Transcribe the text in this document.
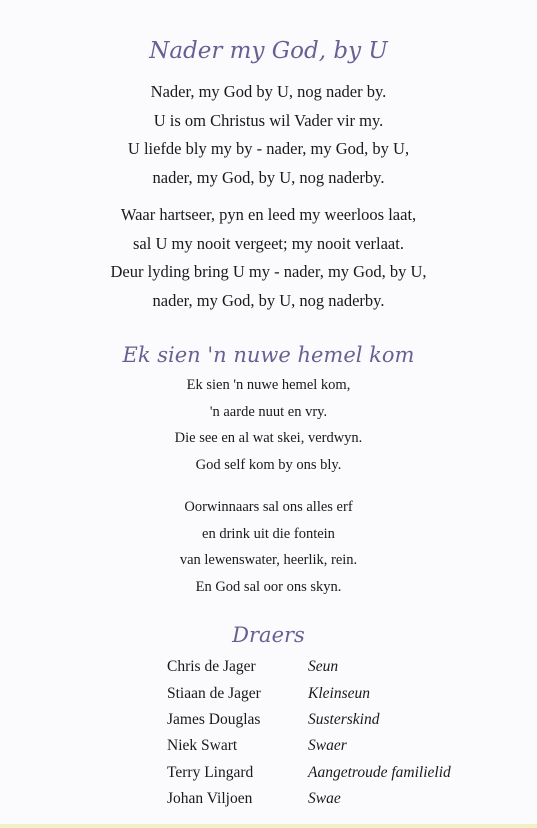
Nader my God, by U
Nader, my God by U, nog nader by.
U is om Christus wil Vader vir my.
U liefde bly my by - nader, my God, by U,
nader, my God, by U, nog naderby.
Waar hartseer, pyn en leed my weerloos laat,
sal U my nooit vergeet; my nooit verlaat.
Deur lyding bring U my - nader, my God, by U,
nader, my God, by U, nog naderby.
Ek sien 'n nuwe hemel kom
Ek sien 'n nuwe hemel kom,
'n aarde nuut en vry.
Die see en al wat skei, verdwyn.
God self kom by ons bly.
Oorwinnaars sal ons alles erf
en drink uit die fontein
van lewenswater, heerlik, rein.
En God sal oor ons skyn.
Draers
Chris de Jager	Seun
Stiaan de Jager	Kleinseun
James Douglas	Susterskind
Niek Swart	Swaer
Terry Lingard	Aangetroude familielid
Johan Viljoen	Swae
